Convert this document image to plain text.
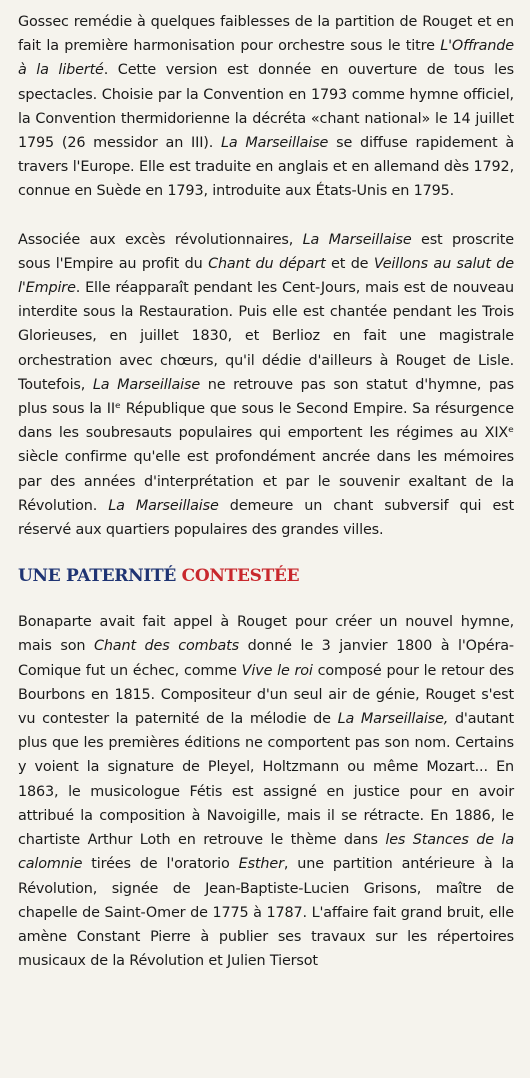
Gossec remédie à quelques faiblesses de la partition de Rouget et en fait la première harmonisation pour orchestre sous le titre L'Offrande à la liberté. Cette version est donnée en ouverture de tous les spectacles. Choisie par la Convention en 1793 comme hymne officiel, la Convention thermidorienne la décréta «chant national» le 14 juillet 1795 (26 messidor an III). La Marseillaise se diffuse rapidement à travers l'Europe. Elle est traduite en anglais et en allemand dès 1792, connue en Suède en 1793, introduite aux États-Unis en 1795.

Associée aux excès révolutionnaires, La Marseillaise est proscrite sous l'Empire au profit du Chant du départ et de Veillons au salut de l'Empire. Elle réapparaît pendant les Cent-Jours, mais est de nouveau interdite sous la Restauration. Puis elle est chantée pendant les Trois Glorieuses, en juillet 1830, et Berlioz en fait une magistrale orchestration avec chœurs, qu'il dédie d'ailleurs à Rouget de Lisle. Toutefois, La Marseillaise ne retrouve pas son statut d'hymne, pas plus sous la IIᵉ République que sous le Second Empire. Sa résurgence dans les soubresauts populaires qui emportent les régimes au XIXᵉ siècle confirme qu'elle est profondément ancrée dans les mémoires par des années d'interprétation et par le souvenir exaltant de la Révolution. La Marseillaise demeure un chant subversif qui est réservé aux quartiers populaires des grandes villes.

UNE PATERNITÉ CONTESTÉE

Bonaparte avait fait appel à Rouget pour créer un nouvel hymne, mais son Chant des combats donné le 3 janvier 1800 à l'Opéra-Comique fut un échec, comme Vive le roi composé pour le retour des Bourbons en 1815. Compositeur d'un seul air de génie, Rouget s'est vu contester la paternité de la mélodie de La Marseillaise, d'autant plus que les premières éditions ne comportent pas son nom. Certains y voient la signature de Pleyel, Holtzmann ou même Mozart... En 1863, le musicologue Fétis est assigné en justice pour en avoir attribué la composition à Navoigille, mais il se rétracte. En 1886, le chartiste Arthur Loth en retrouve le thème dans les Stances de la calomnie tirées de l'oratorio Esther, une partition antérieure à la Révolution, signée de Jean-Baptiste-Lucien Grisons, maître de chapelle de Saint-Omer de 1775 à 1787. L'affaire fait grand bruit, elle amène Constant Pierre à publier ses travaux sur les répertoires musicaux de la Révolution et Julien Tiersot
